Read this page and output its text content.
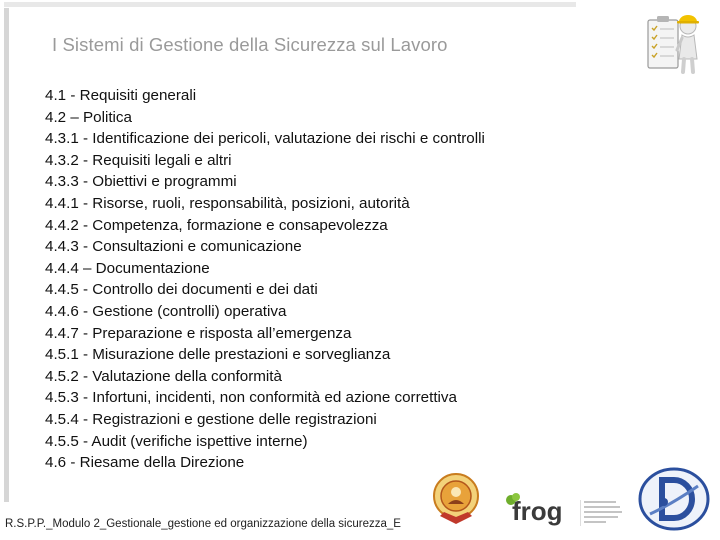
I Sistemi di Gestione della Sicurezza sul Lavoro
4.1 - Requisiti generali
4.2 – Politica
4.3.1 - Identificazione dei pericoli, valutazione dei rischi e controlli
4.3.2 - Requisiti legali e altri
4.3.3 - Obiettivi e programmi
4.4.1 - Risorse, ruoli, responsabilità, posizioni, autorità
4.4.2 - Competenza, formazione e consapevolezza
4.4.3 - Consultazioni e comunicazione
4.4.4 – Documentazione
4.4.5 - Controllo dei documenti e dei dati
4.4.6 - Gestione (controlli) operativa
4.4.7 - Preparazione e risposta all’emergenza
4.5.1 - Misurazione delle prestazioni e sorveglianza
4.5.2 - Valutazione della conformità
4.5.3 - Infortuni, incidenti, non conformità ed azione correttiva
4.5.4 - Registrazioni e gestione delle registrazioni
4.5.5 - Audit (verifiche ispettive interne)
4.6 - Riesame della Direzione
frog
R.S.P.P._Modulo 2_Gestionale_gestione ed organizzazione della sicurezza_E
